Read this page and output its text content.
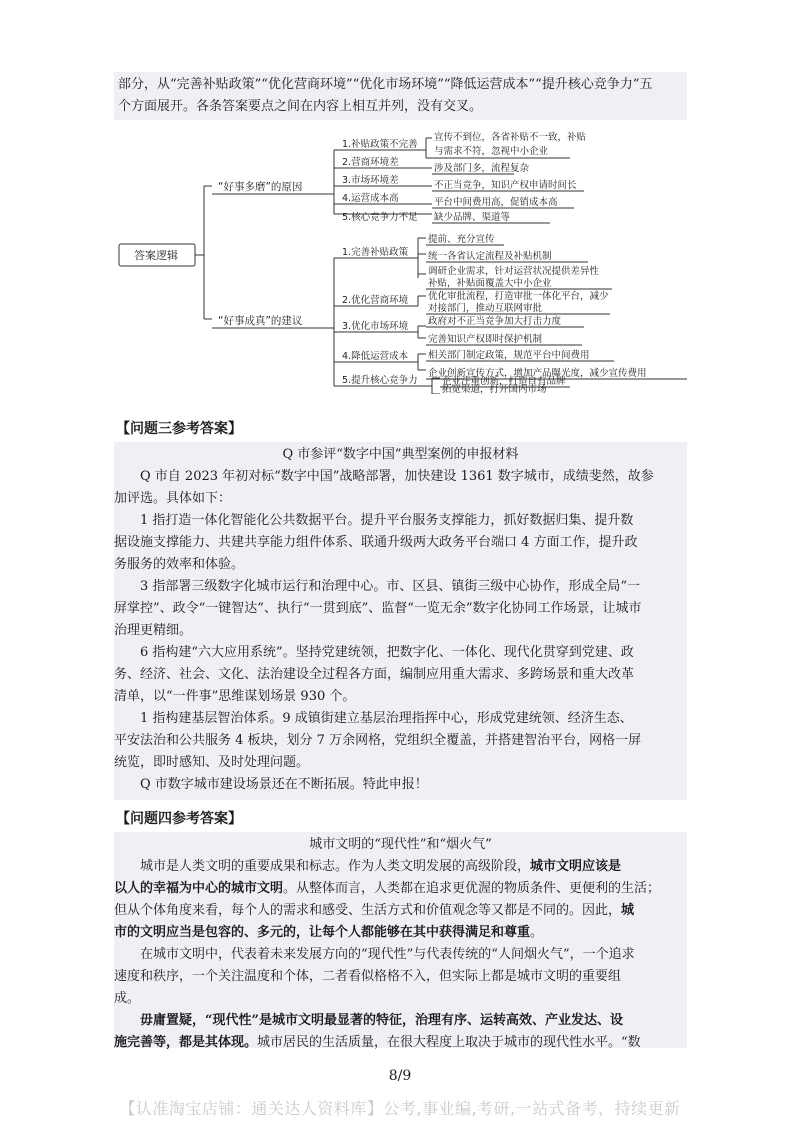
部分，从“完善补贴政策”“优化营商环境”“优化市场环境”“降低运营成本”“提升核心竞争力”五

个方面展开。各条答案要点之间在内容上相互并列，没有交叉。

答案逻辑
“好事多磨”的原因
“好事成真”的建议
1.补贴政策不完善
2.营商环境差
3.市场环境差
4.运营成本高
5.核心竞争力不足
宣传不到位，各省补贴不一致，补贴
与需求不符，忽视中小企业
涉及部门多，流程复杂
不正当竞争，知识产权申请时间长
平台中间费用高，促销成本高
缺少品牌、渠道等
1.完善补贴政策
2.优化营商环境
3.优化市场环境
4.降低运营成本
5.提升核心竞争力
提前、充分宣传
统一各省认定流程及补贴机制
调研企业需求，针对运营状况提供差异性
补贴，补贴面覆盖大中小企业
优化审批流程，打造审批一体化平台，减少
对接部门，推动互联网审批
政府对不正当竞争加大打击力度
完善知识产权即时保护机制
相关部门制定政策，规范平台中间费用
企业创新宣传方式，增加产品曝光度，减少宣传费用
企业注重创新，打造自有品牌
拓宽渠道，打开国内市场
【问题三参考答案】

Q 市参评“数字中国”典型案例的申报材料

Q 市自 2023 年初对标“数字中国”战略部署，加快建设 1361 数字城市，成绩斐然，故参

加评选。具体如下：

1 指打造一体化智能化公共数据平台。提升平台服务支撑能力，抓好数据归集、提升数

据设施支撑能力、共建共享能力组件体系、联通升级两大政务平台端口 4 方面工作，提升政

务服务的效率和体验。

3 指部署三级数字化城市运行和治理中心。市、区县、镇街三级中心协作，形成全局“一

屏掌控”、政令“一键智达”、执行“一贯到底”、监督“一览无余”数字化协同工作场景，让城市

治理更精细。

6 指构建“六大应用系统”。坚持党建统领，把数字化、一体化、现代化贯穿到党建、政

务、经济、社会、文化、法治建设全过程各方面，编制应用重大需求、多跨场景和重大改革

清单，以“一件事”思维谋划场景 930 个。

1 指构建基层智治体系。9 成镇街建立基层治理指挥中心，形成党建统领、经济生态、

平安法治和公共服务 4 板块，划分 7 万余网格，党组织全覆盖，并搭建智治平台，网格一屏

统览，即时感知、及时处理问题。

Q 市数字城市建设场景还在不断拓展。特此申报！

【问题四参考答案】

城市文明的“现代性”和“烟火气”

城市是人类文明的重要成果和标志。作为人类文明发展的高级阶段，城市文明应该是

以人的幸福为中心的城市文明。从整体而言，人类都在追求更优渥的物质条件、更便利的生活；

但从个体角度来看，每个人的需求和感受、生活方式和价值观念等又都是不同的。因此，城

市的文明应当是包容的、多元的，让每个人都能够在其中获得满足和尊重。

在城市文明中，代表着未来发展方向的“现代性”与代表传统的“人间烟火气”，一个追求

速度和秩序，一个关注温度和个体，二者看似格格不入，但实际上都是城市文明的重要组

成。

毋庸置疑，“现代性”是城市文明最显著的特征，治理有序、运转高效、产业发达、设

施完善等，都是其体现。城市居民的生活质量，在很大程度上取决于城市的现代性水平。“数

8/9
【认准淘宝店铺：通关达人资料库】公考,事业编,考研,一站式备考，持续更新
